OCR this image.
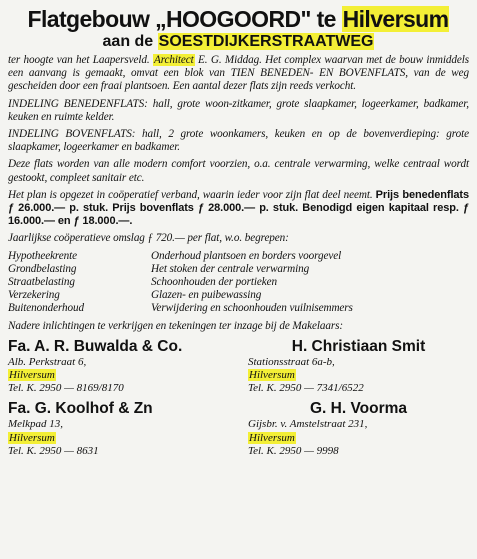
Flatgebouw „HOOGOORD" te Hilversum
aan de SOESTDIJKERSTRAATWEG

ter hoogte van het Laapersveld. Architect E. G. Middag. Het complex waarvan met de bouw inmiddels een aanvang is gemaakt, omvat een blok van TIEN BENEDEN- EN BOVENFLATS, van de weg gescheiden door een fraai plantsoen. Een aantal dezer flats zijn reeds verkocht.

INDELING BENEDENFLATS: hall, grote woon-zitkamer, grote slaapkamer, logeerkamer, badkamer, keuken en ruimte kelder.

INDELING BOVENFLATS: hall, 2 grote woonkamers, keuken en op de bovenverdieping: grote slaapkamer, logeerkamer en badkamer.

Deze flats worden van alle modern comfort voorzien, o.a. centrale verwarming, welke centraal wordt gestookt, compleet sanitair etc.

Het plan is opgezet in coöperatief verband, waarin ieder voor zijn flat deel neemt. Prijs benedenflats ƒ 26.000.— p. stuk. Prijs bovenflats ƒ 28.000.— p. stuk. Benodigd eigen kapitaal resp. ƒ 16.000.— en ƒ 18.000.—.

Jaarlijkse coöperatieve omslag ƒ 720.— per flat, w.o. begrepen:

Hypotheekrente
Grondbelasting
Straatbelasting
Verzekering
Buitenonderhoud
Onderhoud plantsoen en borders voorgevel
Het stoken der centrale verwarming
Schoonhouden der portieken
Glazen- en puibewassing
Verwijdering en schoonhouden vuilnisemmers

Nadere inlichtingen te verkrijgen en tekeningen ter inzage bij de Makelaars:

Fa. A. R. Buwalda & Co.
Alb. Perkstraat 6,
Hilversum
Tel. K. 2950 — 8169/8170
H. Christiaan Smit
Stationsstraat 6a-b,
Hilversum
Tel. K. 2950 — 7341/6522
Fa. G. Koolhof & Zn
Melkpad 13,
Hilversum
Tel. K. 2950 — 8631
G. H. Voorma
Gijsbr. v. Amstelstraat 231,
Hilversum
Tel. K. 2950 — 9998
